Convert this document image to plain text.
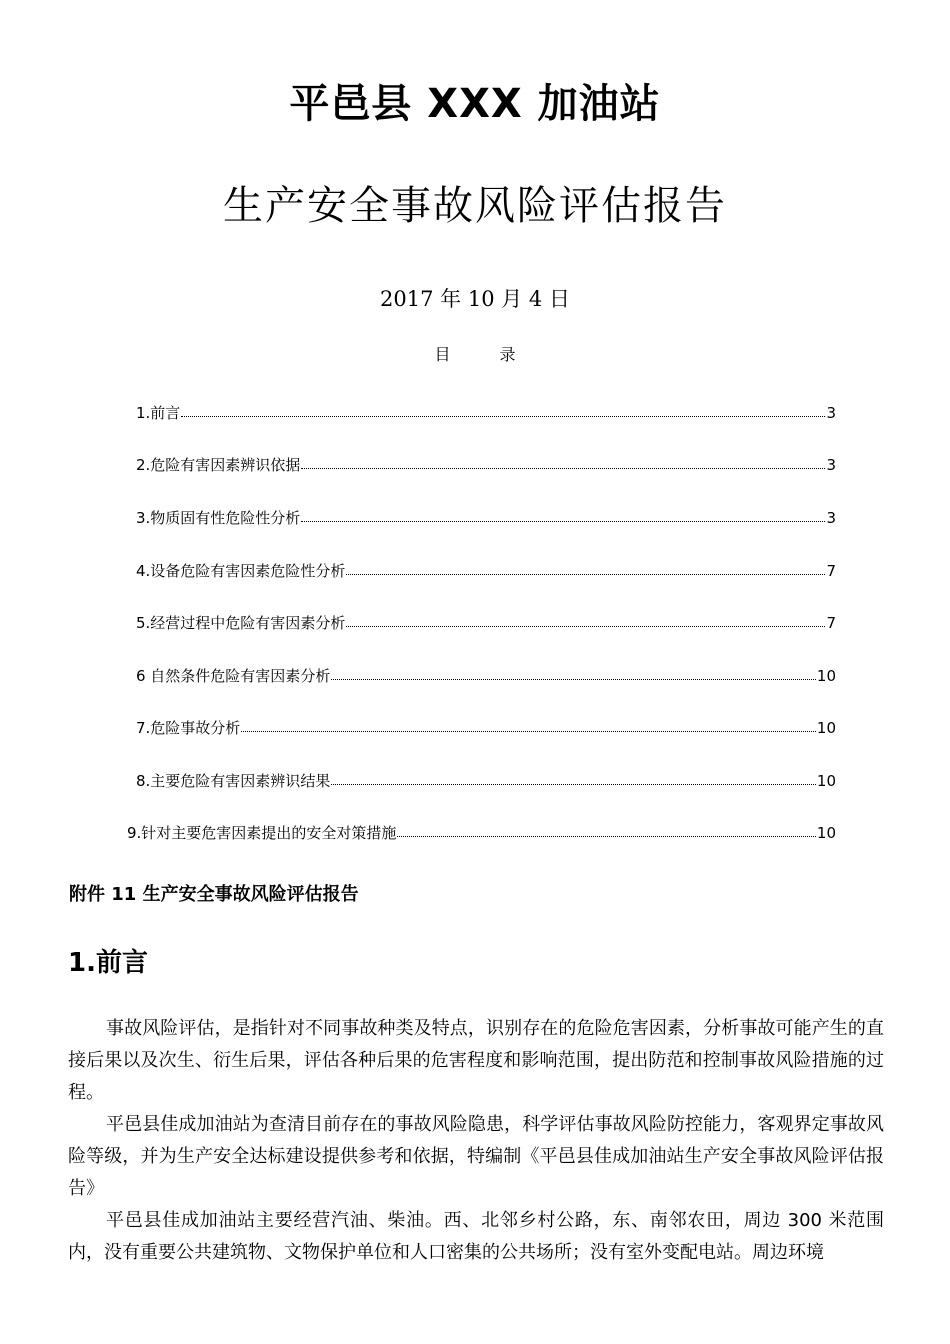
平邑县 XXX 加油站
生产安全事故风险评估报告
2017 年 10 月 4 日
目 录
1.前言	3
2.危险有害因素辨识依据	3
3.物质固有性危险性分析	3
4.设备危险有害因素危险性分析	7
5.经营过程中危险有害因素分析	7
6 自然条件危险有害因素分析	10
7.危险事故分析	10
8.主要危险有害因素辨识结果	10
9.针对主要危害因素提出的安全对策措施	10
附件 11 生产安全事故风险评估报告
1.前言

事故风险评估，是指针对不同事故种类及特点，识别存在的危险危害因素，分析事故可能产生的直接后果以及次生、衍生后果，评估各种后果的危害程度和影响范围，提出防范和控制事故风险措施的过程。

平邑县佳成加油站为查清目前存在的事故风险隐患，科学评估事故风险防控能力，客观界定事故风险等级，并为生产安全达标建设提供参考和依据，特编制《平邑县佳成加油站生产安全事故风险评估报告》

平邑县佳成加油站主要经营汽油、柴油。西、北邻乡村公路，东、南邻农田，周边 300 米范围内，没有重要公共建筑物、文物保护单位和人口密集的公共场所；没有室外变配电站。周边环境
